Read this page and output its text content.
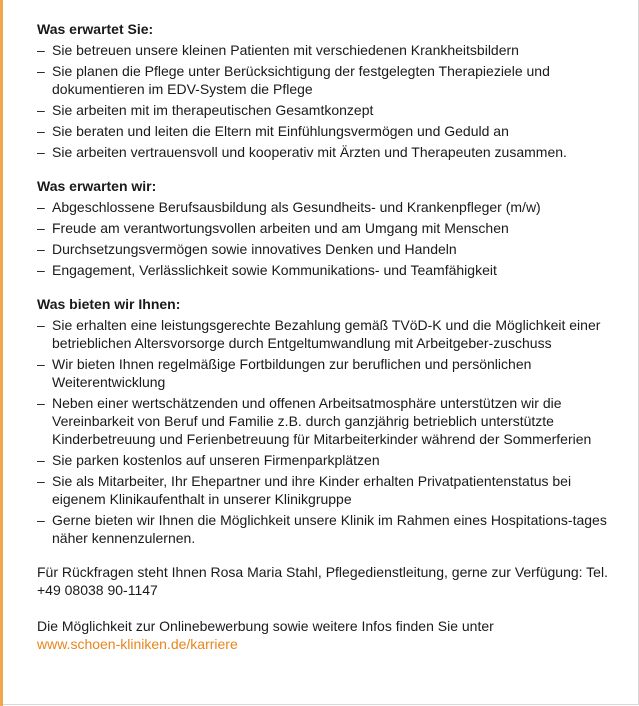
Was erwartet Sie:
– Sie betreuen unsere kleinen Patienten mit verschiedenen Krankheitsbildern
– Sie planen die Pflege unter Berücksichtigung der festgelegten Therapieziele und dokumentieren im EDV-System die Pflege
– Sie arbeiten mit im therapeutischen Gesamtkonzept
– Sie beraten und leiten die Eltern mit Einfühlungsvermögen und Geduld an
– Sie arbeiten vertrauensvoll und kooperativ mit Ärzten und Therapeuten zusammen.
Was erwarten wir:
– Abgeschlossene Berufsausbildung als Gesundheits- und Krankenpfleger (m/w)
– Freude am verantwortungsvollen arbeiten und am Umgang mit Menschen
– Durchsetzungsvermögen sowie innovatives Denken und Handeln
– Engagement, Verlässlichkeit sowie Kommunikations- und Teamfähigkeit
Was bieten wir Ihnen:
– Sie erhalten eine leistungsgerechte Bezahlung gemäß TVöD-K und die Möglichkeit einer betrieblichen Altersvorsorge durch Entgeltumwandlung mit Arbeitgeber-zuschuss
– Wir bieten Ihnen regelmäßige Fortbildungen zur beruflichen und persönlichen Weiterentwicklung
– Neben einer wertschätzenden und offenen Arbeitsatmosphäre unterstützen wir die Vereinbarkeit von Beruf und Familie z.B. durch ganzjährig betrieblich unterstützte Kinderbetreuung und Ferienbetreuung für Mitarbeiterkinder während der Sommerferien
– Sie parken kostenlos auf unseren Firmenparkplätzen
– Sie als Mitarbeiter, Ihr Ehepartner und ihre Kinder erhalten Privatpatientenstatus bei eigenem Klinikaufenthalt in unserer Klinikgruppe
– Gerne bieten wir Ihnen die Möglichkeit unsere Klinik im Rahmen eines Hospitations-tages näher kennenzulernen.

Für Rückfragen steht Ihnen Rosa Maria Stahl, Pflegedienstleitung, gerne zur Verfügung: Tel. +49 08038 90-1147

Die Möglichkeit zur Onlinebewerbung sowie weitere Infos finden Sie unter
www.schoen-kliniken.de/karriere
